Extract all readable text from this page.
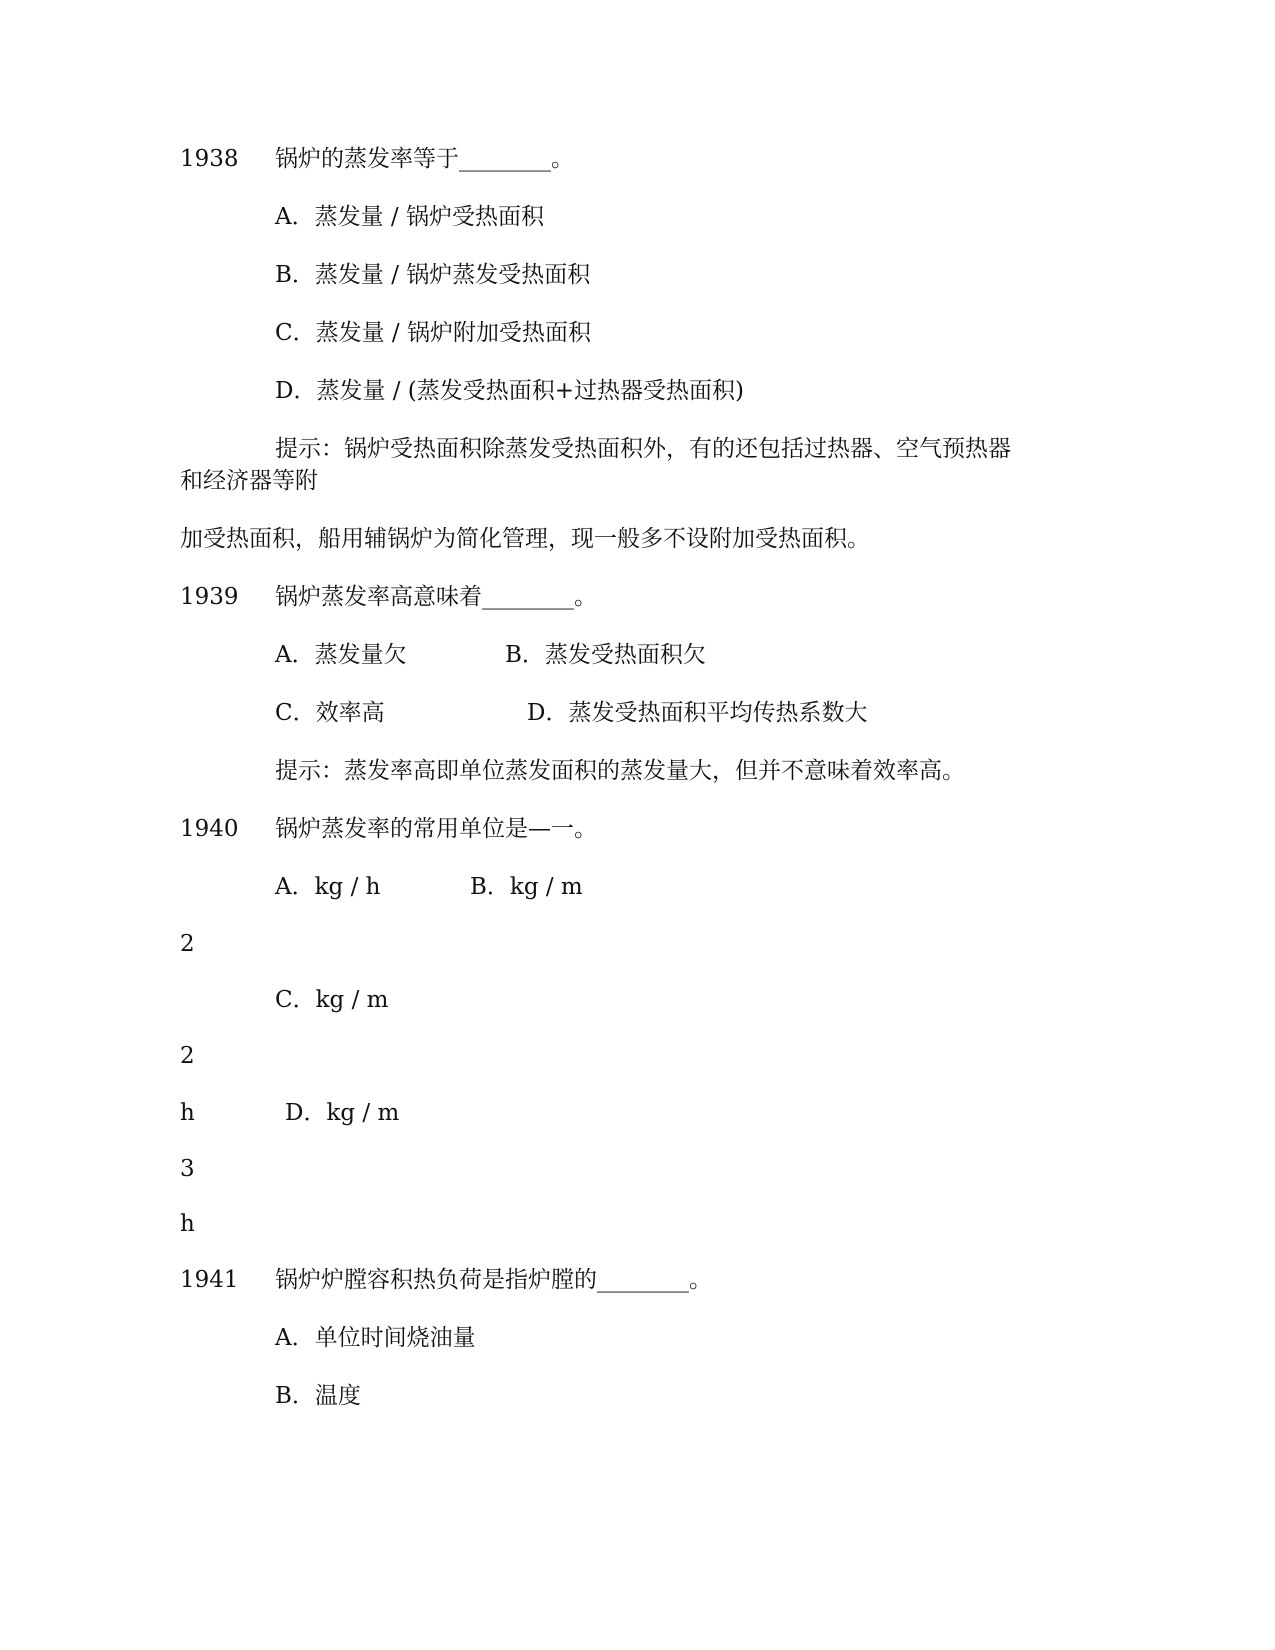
1938 锅炉的蒸发率等于________。
A．蒸发量 / 锅炉受热面积
B．蒸发量 / 锅炉蒸发受热面积
C．蒸发量 / 锅炉附加受热面积
D．蒸发量 / (蒸发受热面积+过热器受热面积)
提示：锅炉受热面积除蒸发受热面积外，有的还包括过热器、空气预热器
和经济器等附
加受热面积，船用辅锅炉为简化管理，现一般多不设附加受热面积。
1939 锅炉蒸发率高意味着________。
A．蒸发量欠	B．蒸发受热面积欠
C．效率高	D．蒸发受热面积平均传热系数大
提示：蒸发率高即单位蒸发面积的蒸发量大，但并不意味着效率高。
1940 锅炉蒸发率的常用单位是—一。
A．kg / h	B．kg / m
2
C．kg / m
2
h	D．kg / m
3
h
1941 锅炉炉膛容积热负荷是指炉膛的________。
A．单位时间烧油量
B．温度
